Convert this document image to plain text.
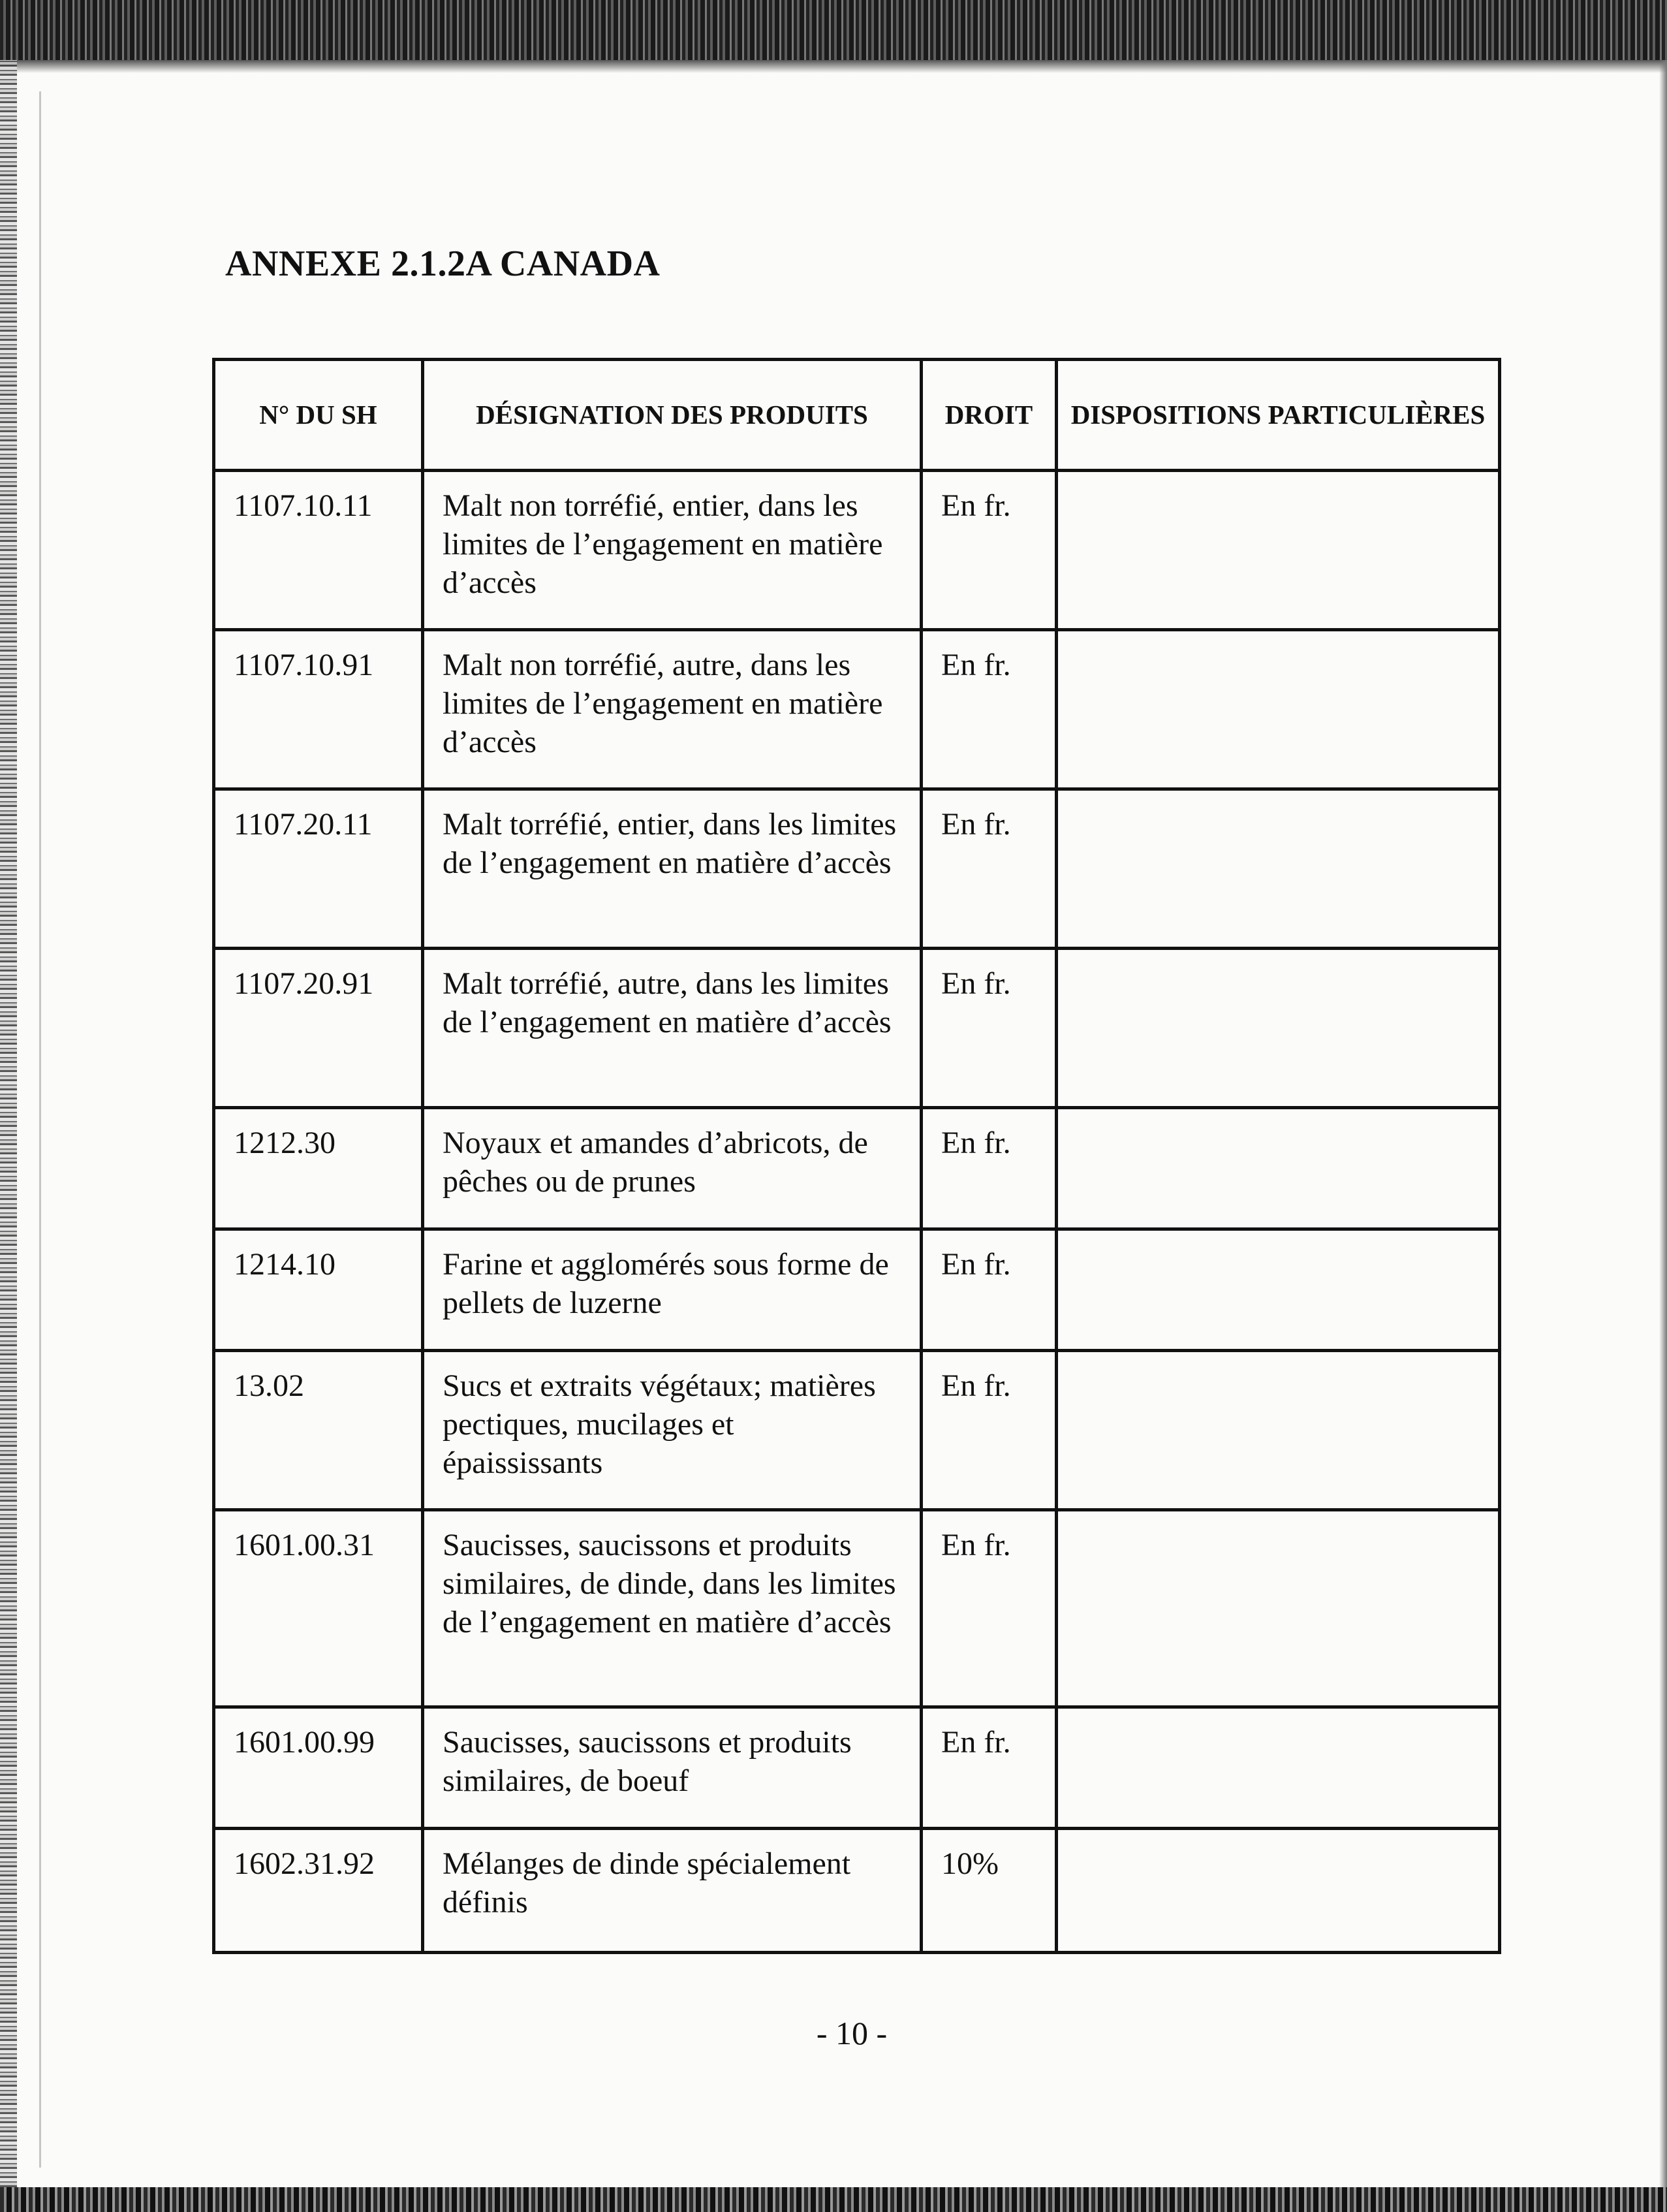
ANNEXE 2.1.2A CANADA
N° DU SH	DÉSIGNATION DES PRODUITS	DROIT	DISPOSITIONS PARTICULIÈRES
1107.10.11	Malt non torréfié, entier, dans les limites de l’engagement en matière d’accès	En fr.	
1107.10.91	Malt non torréfié, autre, dans les limites de l’engagement en matière d’accès	En fr.	
1107.20.11	Malt torréfié, entier, dans les limites de l’engagement en matière d’accès	En fr.	
1107.20.91	Malt torréfié, autre, dans les limites de l’engagement en matière d’accès	En fr.	
1212.30	Noyaux et amandes d’abricots, de pêches ou de prunes	En fr.	
1214.10	Farine et agglomérés sous forme de pellets de luzerne	En fr.	
13.02	Sucs et extraits végétaux; matières pectiques, mucilages et épaississants	En fr.	
1601.00.31	Saucisses, saucissons et produits similaires, de dinde, dans les limites de l’engagement en matière d’accès	En fr.	
1601.00.99	Saucisses, saucissons et produits similaires, de boeuf	En fr.	
1602.31.92	Mélanges de dinde spécialement définis	10%	
- 10 -
